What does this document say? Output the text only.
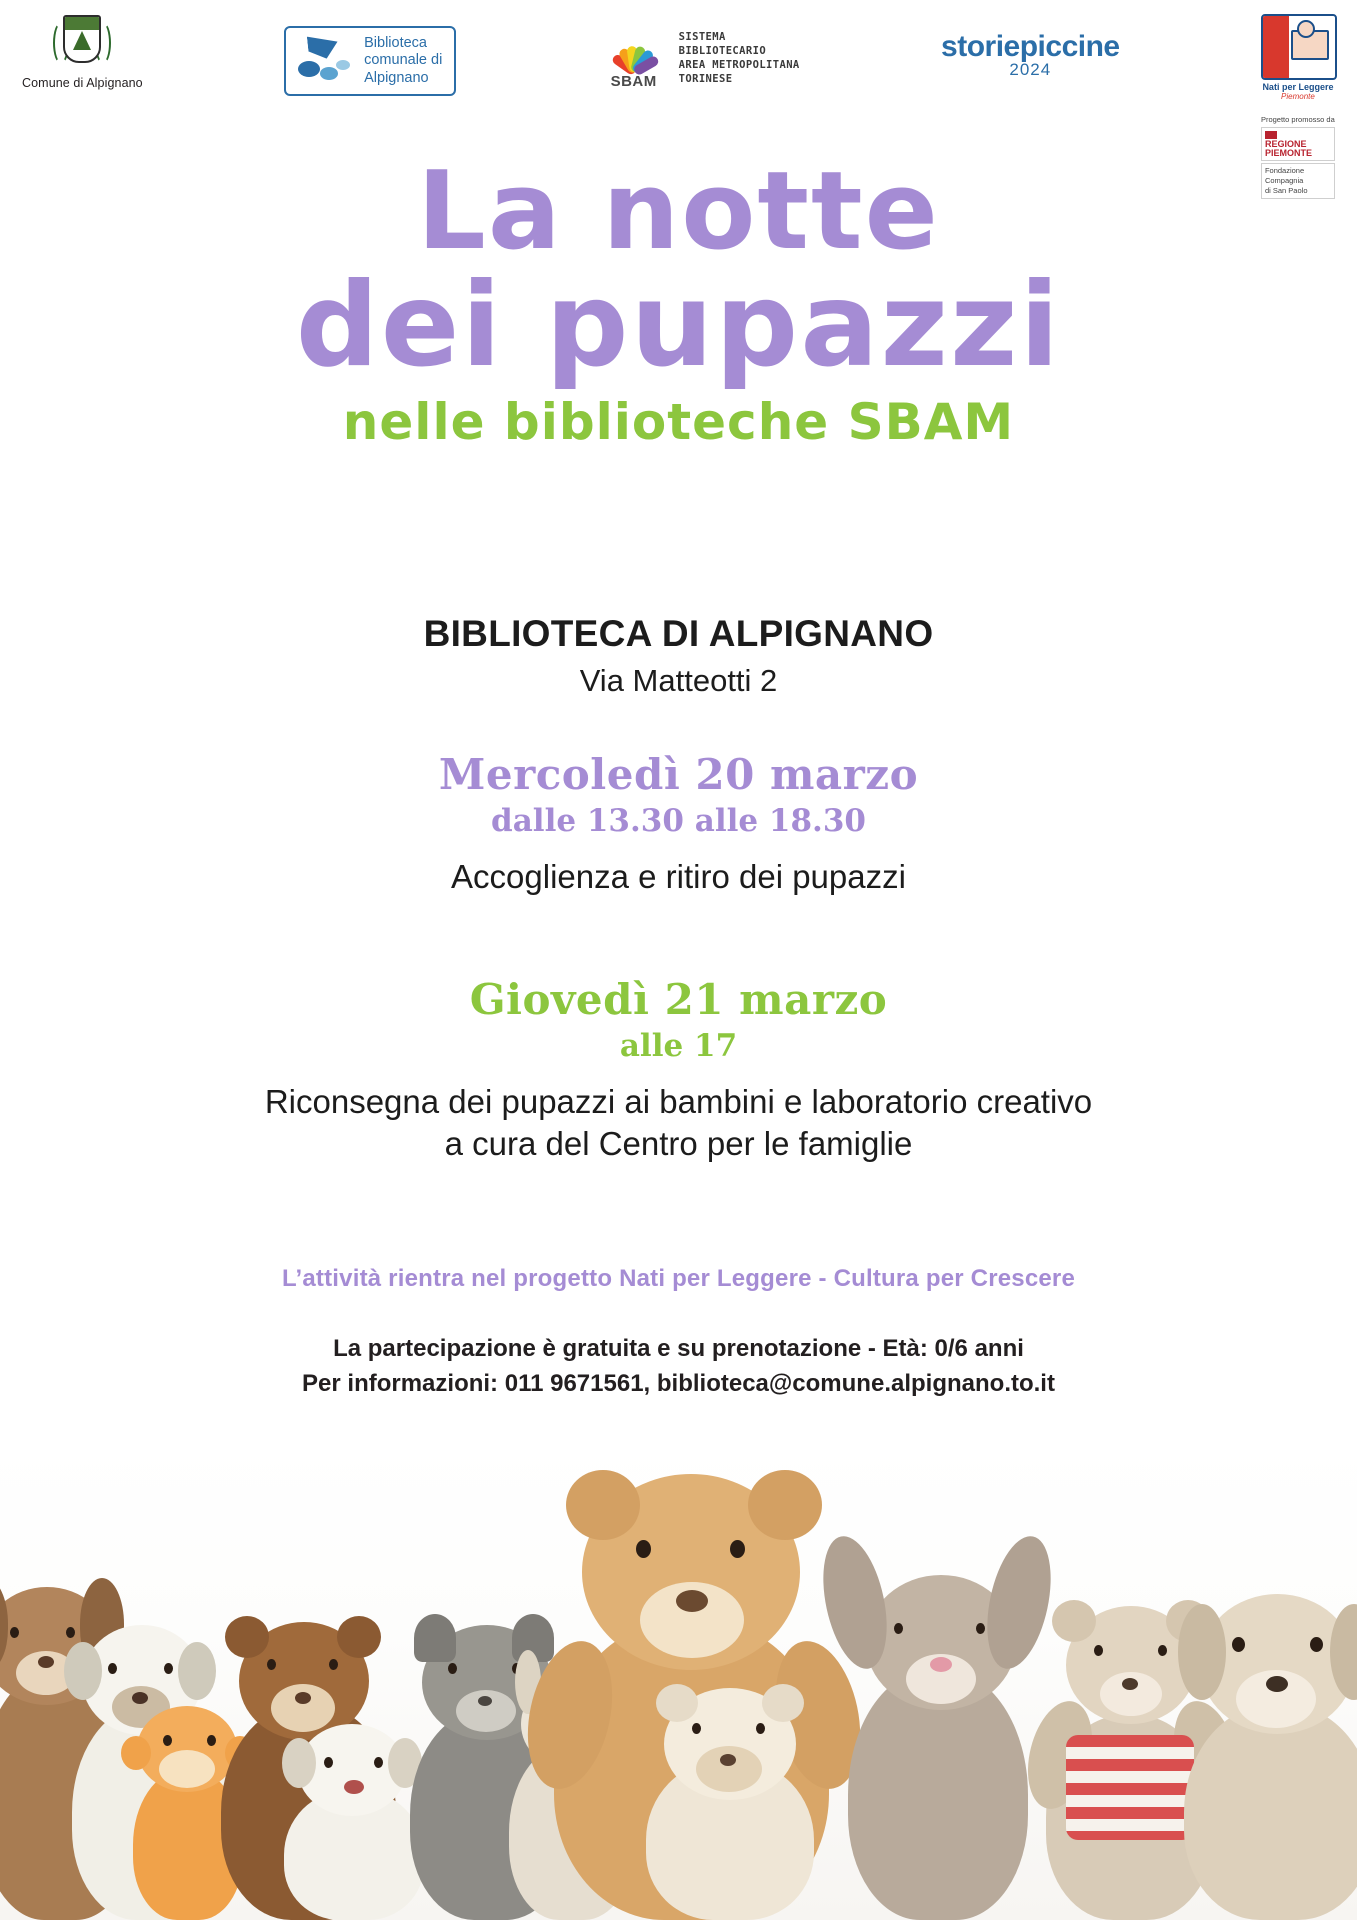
Comune di Alpignano
Biblioteca
comunale di
Alpignano	SBAM
SISTEMA
BIBLIOTECARIO
AREA METROPOLITANA
TORINESE
storiepiccine
2024
Nati per Leggere
Piemonte
Progetto promosso da
REGIONE
PIEMONTE
Fondazione
Compagnia
di San Paolo
La notte
dei pupazzi
nelle biblioteche SBAM
BIBLIOTECA DI ALPIGNANO
Via Matteotti 2
Mercoledì 20 marzo
dalle 13.30 alle 18.30
Accoglienza e ritiro dei pupazzi
Giovedì 21 marzo
alle 17
Riconsegna dei pupazzi ai bambini e laboratorio creativo
a cura del Centro per le famiglie
L’attività rientra nel progetto Nati per Leggere - Cultura per Crescere
La partecipazione è gratuita e su prenotazione - Età: 0/6 anni
Per informazioni: 011 9671561, biblioteca@comune.alpignano.to.it
